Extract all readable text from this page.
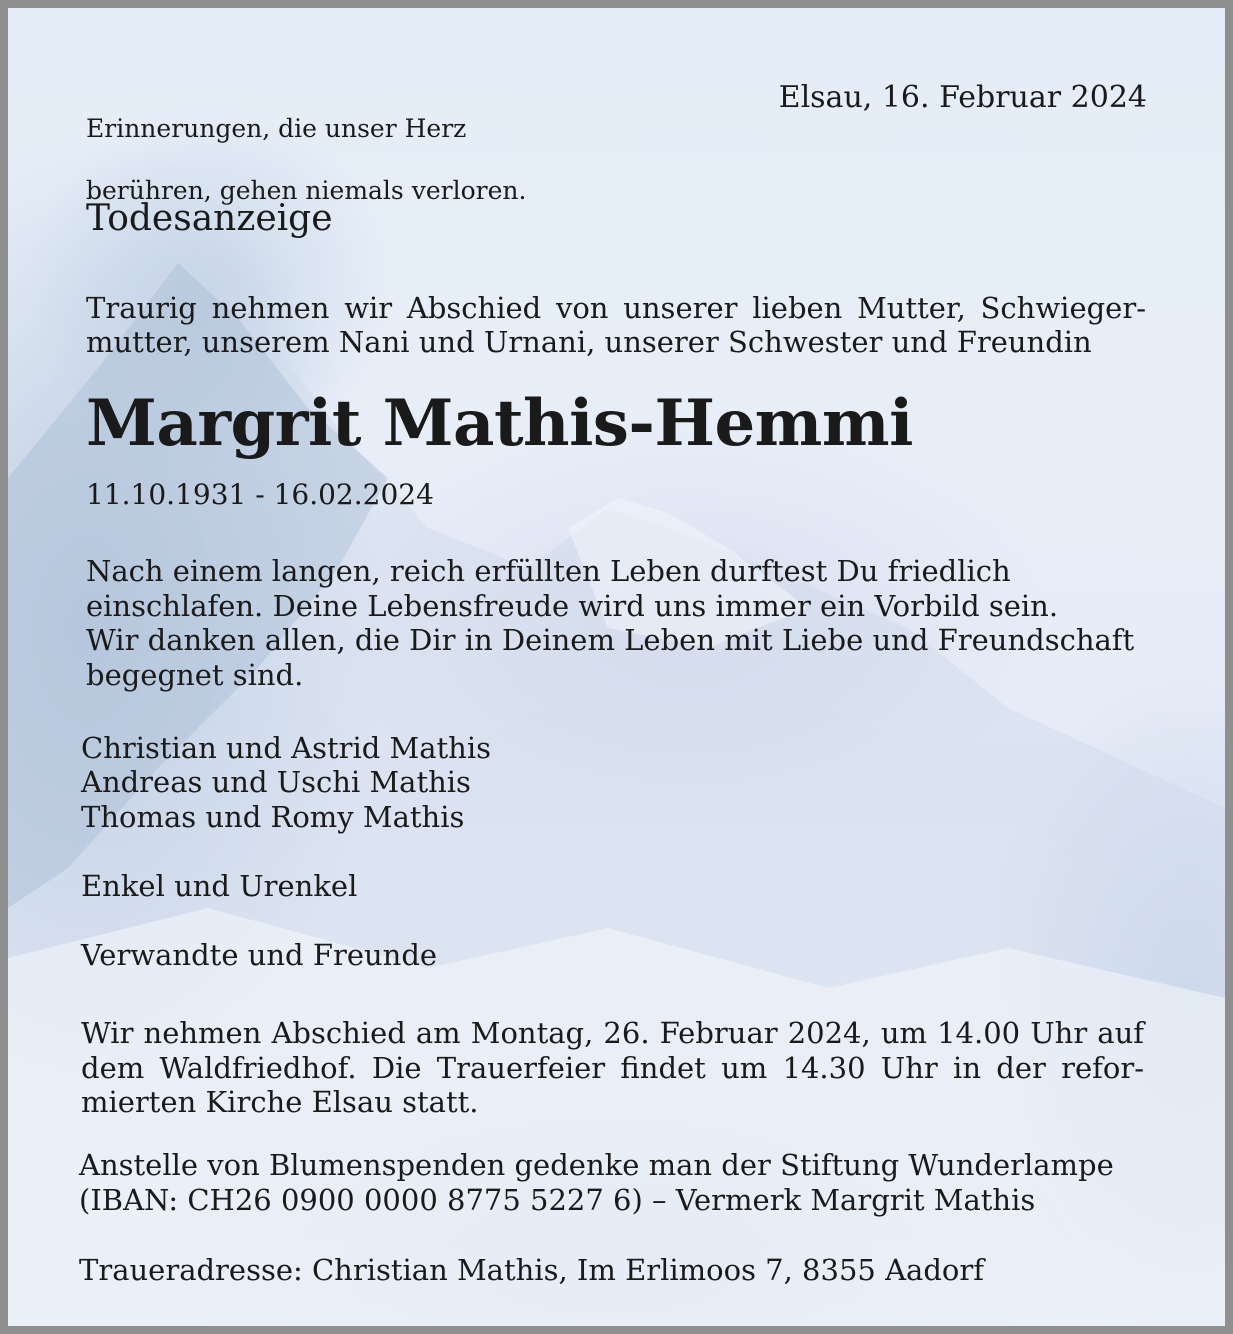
Erinnerungen, die unser Herz

berühren, gehen niemals verloren.

Elsau, 16. Februar 2024
Todesanzeige
Traurig nehmen wir Abschied von unserer lieben Mutter, Schwieger- mutter, unserem Nani und Urnani, unserer Schwester und Freundin
Margrit Mathis-Hemmi
11.10.1931 - 16.02.2024
Nach einem langen, reich erfüllten Leben durftest Du friedlich
einschlafen. Deine Lebensfreude wird uns immer ein Vorbild sein.
Wir danken allen, die Dir in Deinem Leben mit Liebe und Freundschaft
begegnet sind.
Christian und Astrid Mathis
Andreas und Uschi Mathis
Thomas und Romy Mathis
Enkel und Urenkel
Verwandte und Freunde
Wir nehmen Abschied am Montag, 26. Februar 2024, um 14.00 Uhr auf dem Waldfriedhof. Die Trauerfeier findet um 14.30 Uhr in der refor- mierten Kirche Elsau statt.
Anstelle von Blumenspenden gedenke man der Stiftung Wunderlampe
(IBAN: CH26 0900 0000 8775 5227 6) – Vermerk Margrit Mathis
Traueradresse: Christian Mathis, Im Erlimoos 7, 8355 Aadorf
